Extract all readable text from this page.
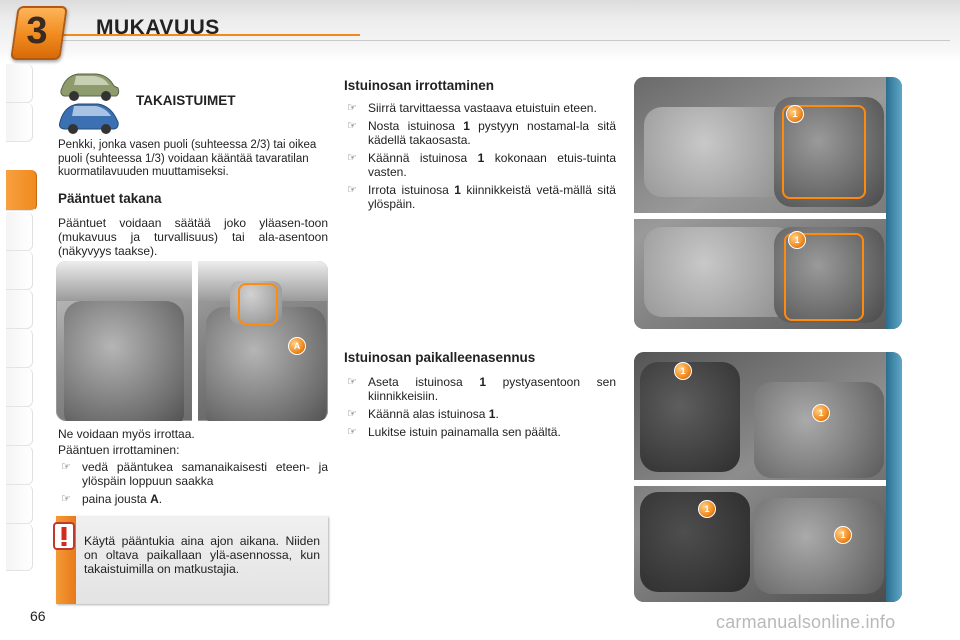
3	MUKAVUUS
TAKAISTUIMET
Penkki, jonka vasen puoli (suhteessa 2/3) tai oikea puoli (suhteessa 1/3) voidaan kääntää tavaratilan kuormatilavuuden muuttamiseksi.
Pääntuet takana
Pääntuet voidaan säätää joko yläasen-toon (mukavuus ja turvallisuus) tai ala-asentoon (näkyvyys taakse).
A
Ne voidaan myös irrottaa.
Pääntuen irrottaminen:
☞ vedä pääntukea samanaikaisesti eteen- ja ylöspäin loppuun saakka
☞ paina jousta A.
Käytä pääntukia aina ajon aikana. Niiden on oltava paikallaan ylä-asennossa, kun takaistuimilla on matkustajia.
Istuinosan irrottaminen
☞ Siirrä tarvittaessa vastaava etuistuin eteen.
☞ Nosta istuinosa 1 pystyyn nostamal-la sitä kädellä takaosasta.
☞ Käännä istuinosa 1 kokonaan etuis-tuinta vasten.
☞ Irrota istuinosa 1 kiinnikkeistä vetä-mällä sitä ylöspäin.
Istuinosan paikalleenasennus
☞ Aseta istuinosa 1 pystyasentoon sen kiinnikkeisiin.
☞ Käännä alas istuinosa 1.
☞ Lukitse istuin painamalla sen päältä.
1
1
1
1
1
1
66	carmanualsonline.info
